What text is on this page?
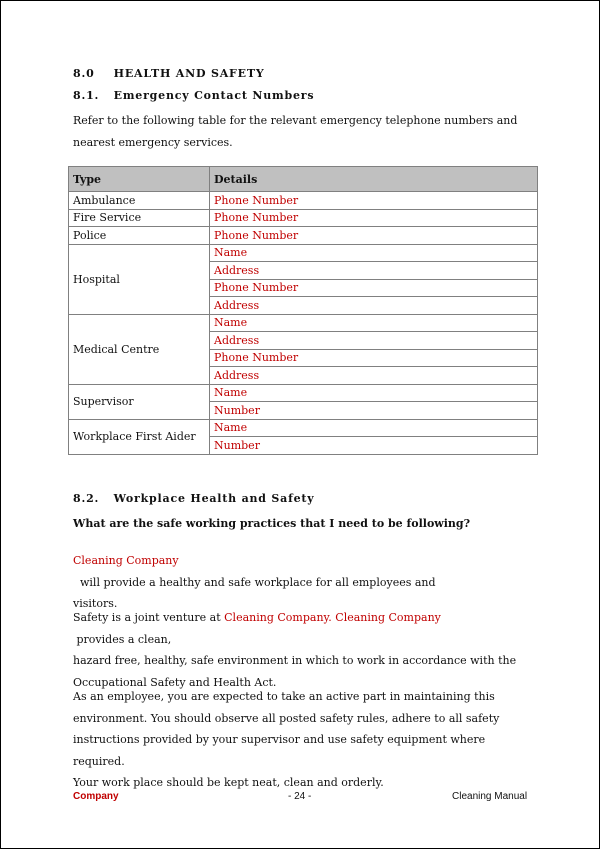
8.0 HEALTH AND SAFETY
8.1. Emergency Contact Numbers
Refer to the following table for the relevant emergency telephone numbers and nearest emergency services.
Type	Details
Ambulance	Phone Number
Fire Service	Phone Number
Police	Phone Number
Hospital	Name
	Address
	Phone Number
	Address
Medical Centre	Name
	Address
	Phone Number
	Address
Supervisor	Name
	Number
Workplace First Aider	Name
	Number
8.2. Workplace Health and Safety
What are the safe working practices that I need to be following?
Cleaning Company  will provide a healthy and safe workplace for all employees and
visitors.
Safety is a joint venture at Cleaning Company. Cleaning Company provides a clean,
hazard free, healthy, safe environment in which to work in accordance with the
Occupational Safety and Health Act.
As an employee, you are expected to take an active part in maintaining this
environment. You should observe all posted safety rules, adhere to all safety
instructions provided by your supervisor and use safety equipment where required.
Your work place should be kept neat, clean and orderly.
Company	- 24 -	Cleaning Manual
